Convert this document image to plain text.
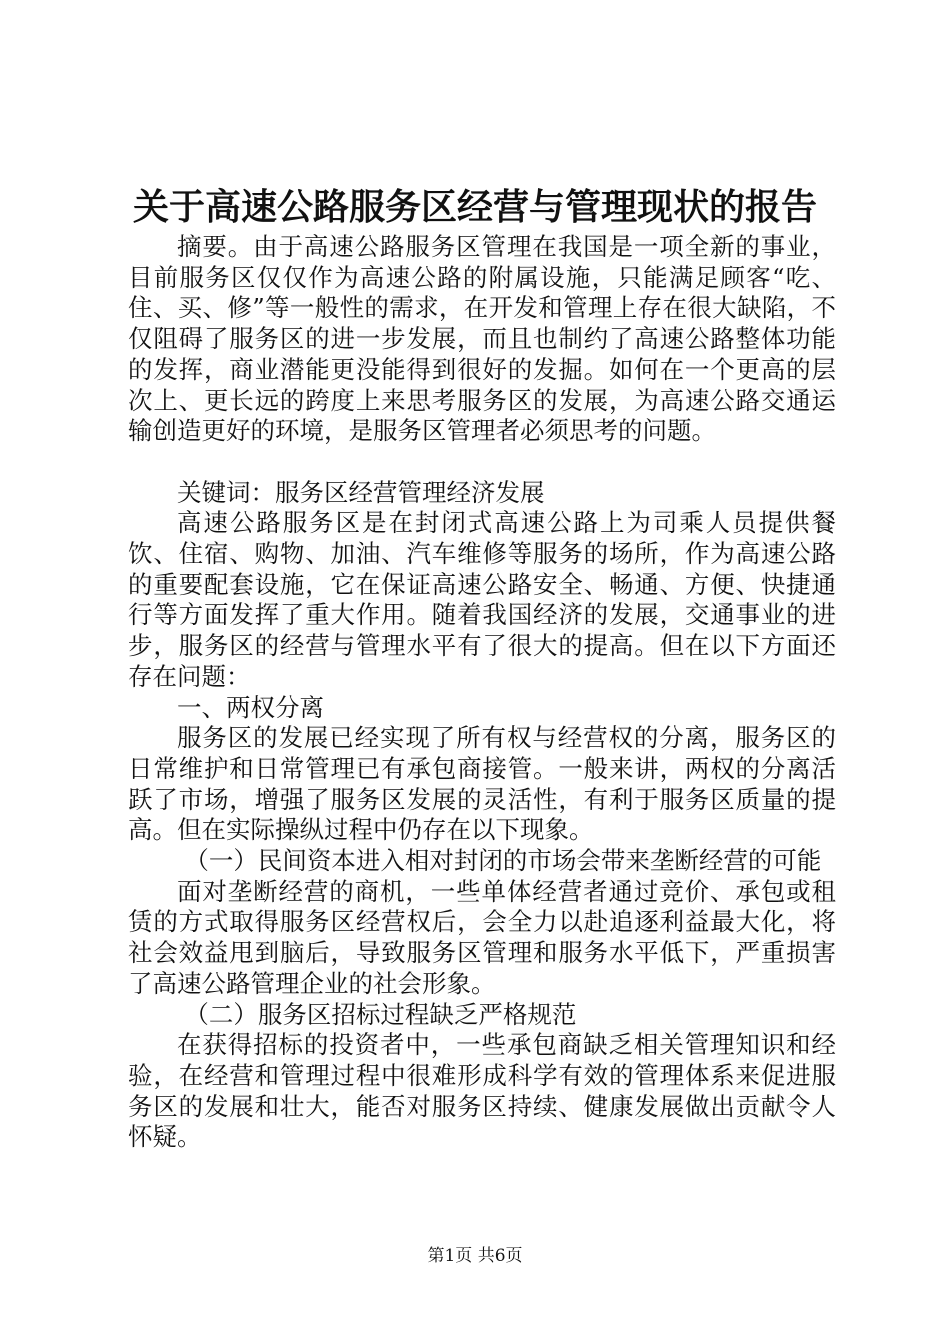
关于高速公路服务区经营与管理现状的报告

摘要。由于高速公路服务区管理在我国是一项全新的事业，目前服务区仅仅作为高速公路的附属设施，只能满足顾客“吃、住、买、修”等一般性的需求，在开发和管理上存在很大缺陷，不仅阻碍了服务区的进一步发展，而且也制约了高速公路整体功能的发挥，商业潜能更没能得到很好的发掘。如何在一个更高的层次上、更长远的跨度上来思考服务区的发展，为高速公路交通运输创造更好的环境，是服务区管理者必须思考的问题。

关键词：服务区经营管理经济发展

高速公路服务区是在封闭式高速公路上为司乘人员提供餐饮、住宿、购物、加油、汽车维修等服务的场所，作为高速公路的重要配套设施，它在保证高速公路安全、畅通、方便、快捷通行等方面发挥了重大作用。随着我国经济的发展，交通事业的进步，服务区的经营与管理水平有了很大的提高。但在以下方面还存在问题：

一、两权分离

服务区的发展已经实现了所有权与经营权的分离，服务区的日常维护和日常管理已有承包商接管。一般来讲，两权的分离活跃了市场，增强了服务区发展的灵活性，有利于服务区质量的提高。但在实际操纵过程中仍存在以下现象。

（一）民间资本进入相对封闭的市场会带来垄断经营的可能

面对垄断经营的商机，一些单体经营者通过竞价、承包或租赁的方式取得服务区经营权后，会全力以赴追逐利益最大化，将社会效益甩到脑后，导致服务区管理和服务水平低下，严重损害了高速公路管理企业的社会形象。

（二）服务区招标过程缺乏严格规范

在获得招标的投资者中，一些承包商缺乏相关管理知识和经验，在经营和管理过程中很难形成科学有效的管理体系来促进服务区的发展和壮大，能否对服务区持续、健康发展做出贡献令人怀疑。

第1页 共6页
